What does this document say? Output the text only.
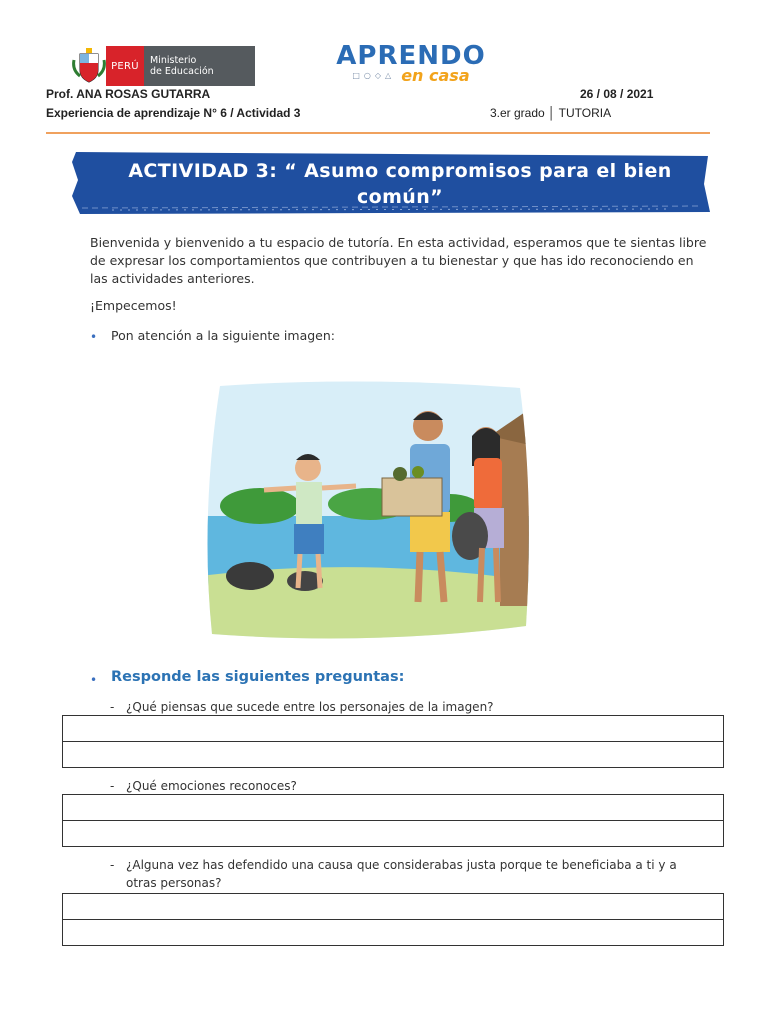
PERÚ	Ministerio
de Educación
APRENDO
□○◇△ en casa
Prof. ANA ROSAS GUTARRA	26 / 08 / 2021
Experiencia de aprendizaje N° 6 / Actividad 3	3.er grado │ TUTORIA
ACTIVIDAD 3: “ Asumo compromisos para el bien
común”
Bienvenida y bienvenido a tu espacio de tutoría. En esta actividad, esperamos que te sientas libre de expresar los comportamientos que contribuyen a tu bienestar y que has ido reconociendo en las actividades anteriores.
¡Empecemos!
• Pon atención a la siguiente imagen:
• Responde las siguientes preguntas:
- ¿Qué piensas que sucede entre los personajes de la imagen?
- ¿Qué emociones reconoces?
- ¿Alguna vez has defendido una causa que considerabas justa porque te beneficiaba a ti y a
otras personas?
